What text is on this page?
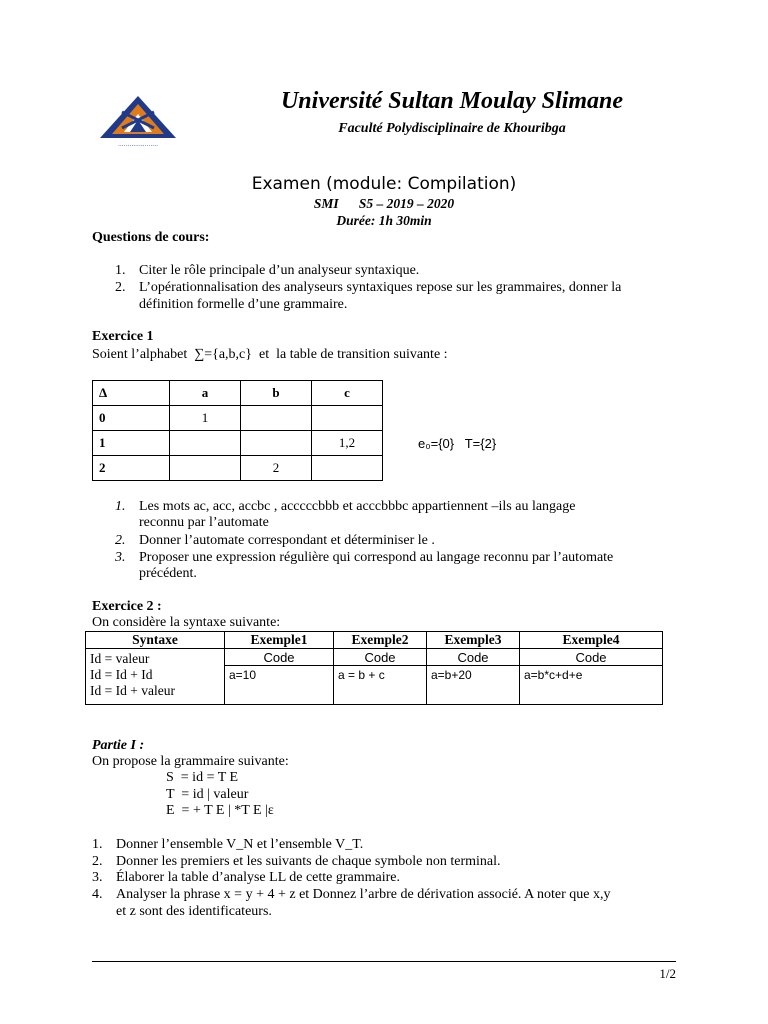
·····················
Université Sultan Moulay Slimane
Faculté Polydisciplinaire de Khouribga
Examen (module: Compilation)
SMI      S5 – 2019 – 2020
Durée: 1h 30min
Questions de cours:
1. Citer le rôle principale d’un analyseur syntaxique.
2. L’opérationnalisation des analyseurs syntaxiques repose sur les grammaires, donner la
définition formelle d’une grammaire.
Exercice 1
Soient l’alphabet  ∑={a,b,c}  et  la table de transition suivante :
Δ	a	b	c
0	1		
1			1,2
2		2	
e₀={0}   T={2}
1. Les mots ac, acc, accbc , acccccbbb et acccbbbc appartiennent –ils au langage
reconnu par l’automate
2. Donner l’automate correspondant et déterminiser le .
3. Proposer une expression régulière qui correspond au langage reconnu par l’automate
précédent.
Exercice 2 :
On considère la syntaxe suivante:
Syntaxe	Exemple1	Exemple2	Exemple3	Exemple4

Id = valeur
Id = Id + Id
Id = Id + valeur	Code	Code	Code	Code
	a=10	a = b + c	a=b+20	a=b*c+d+e
Partie I :
On propose la grammaire suivante:
S  = id = T E
T  = id | valeur
E  = + T E | *T E |ε
1. Donner l’ensemble V_N et l’ensemble V_T.
2. Donner les premiers et les suivants de chaque symbole non terminal.
3. Élaborer la table d’analyse LL de cette grammaire.
4. Analyser la phrase x = y + 4 + z et Donnez l’arbre de dérivation associé. A noter que x,y
et z sont des identificateurs.
1/2
